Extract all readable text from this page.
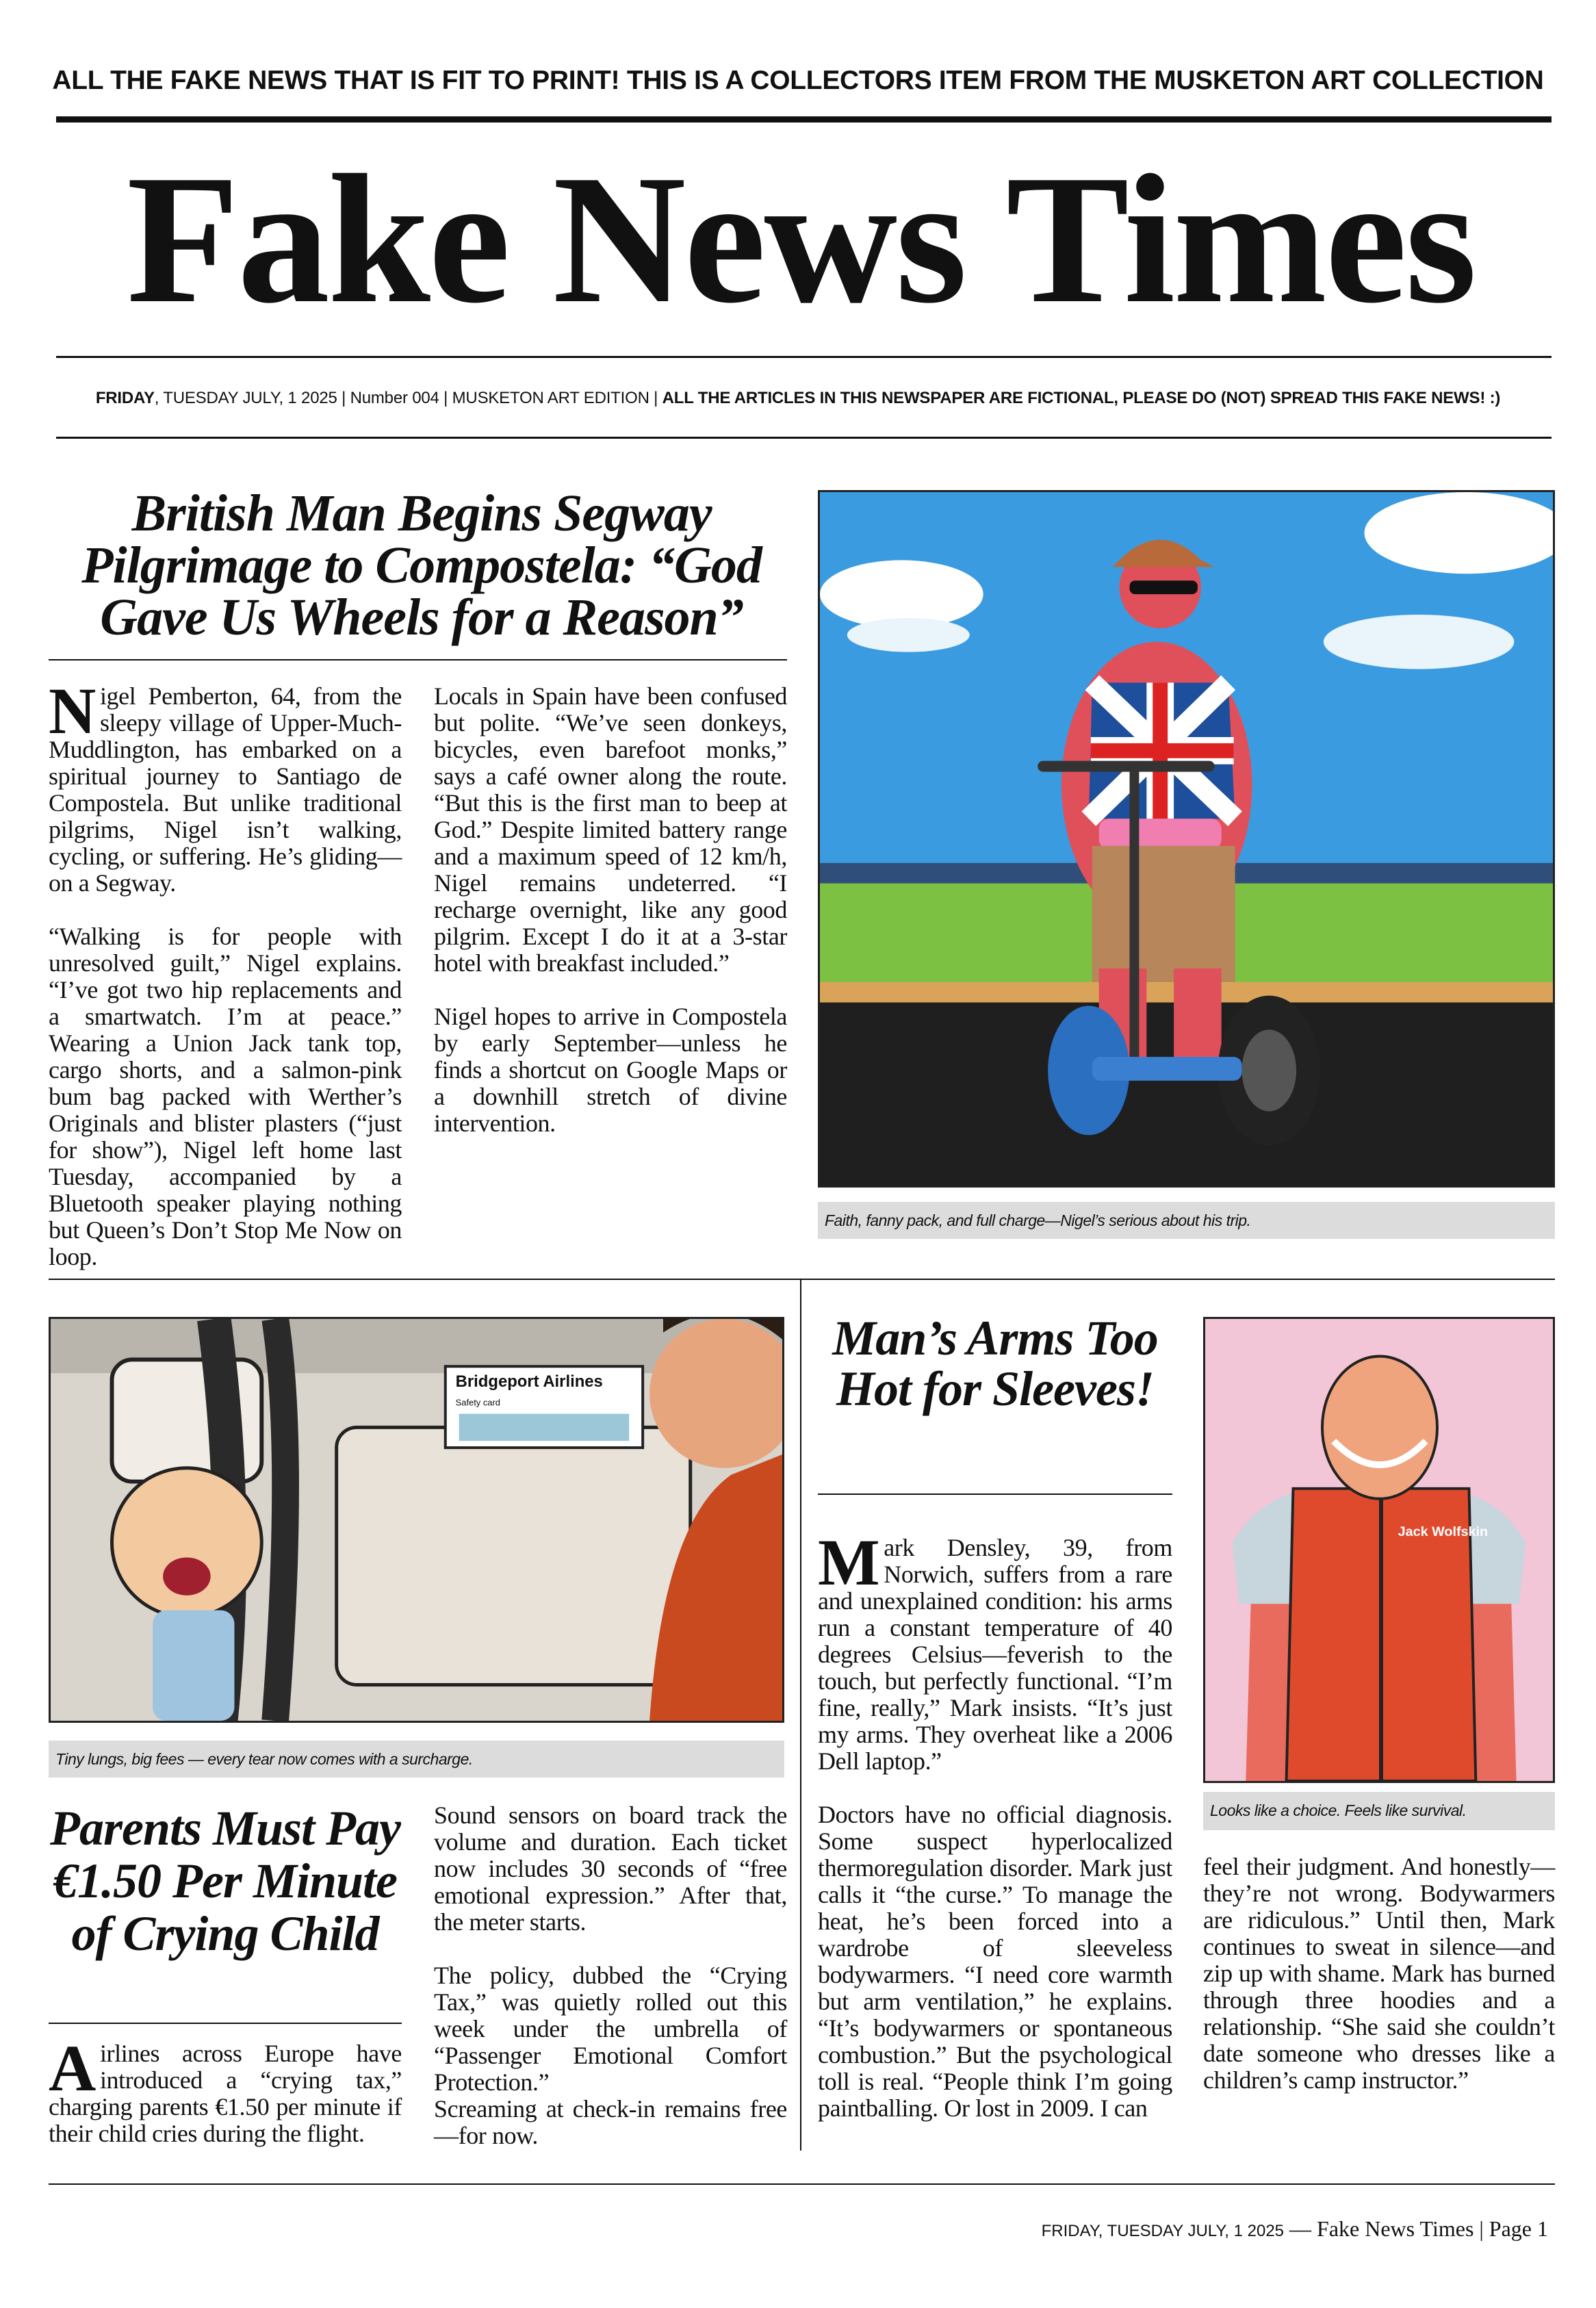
ALL THE FAKE NEWS THAT IS FIT TO PRINT! THIS IS A COLLECTORS ITEM FROM THE MUSKETON ART COLLECTION
Fake News Times
FRIDAY, TUESDAY JULY, 1 2025 | Number 004 | MUSKETON ART EDITION | ALL THE ARTICLES IN THIS NEWSPAPER ARE FICTIONAL, PLEASE DO (NOT) SPREAD THIS FAKE NEWS! :)
British Man Begins Segway Pilgrimage to Compostela: “God Gave Us Wheels for a Reason”

Nigel Pemberton, 64, from the sleepy village of Upper-Much-Muddlington, has embarked on a spiritual journey to Santiago de Compostela. But unlike traditional pilgrims, Nigel isn’t walking, cycling, or suffering. He’s gliding—on a Segway.

“Walking is for people with unresolved guilt,” Nigel explains. “I’ve got two hip replacements and a smartwatch. I’m at peace.” Wearing a Union Jack tank top, cargo shorts, and a salmon-pink bum bag packed with Werther’s Originals and blister plasters (“just for show”), Nigel left home last Tuesday, accompanied by a Bluetooth speaker playing nothing but Queen’s Don’t Stop Me Now on loop.

Locals in Spain have been confused but polite. “We’ve seen donkeys, bicycles, even barefoot monks,” says a café owner along the route. “But this is the first man to beep at God.” Despite limited battery range and a maximum speed of 12 km/h, Nigel remains undeterred. “I recharge overnight, like any good pilgrim. Except I do it at a 3-star hotel with breakfast included.”

Nigel hopes to arrive in Compostela by early September—unless he finds a shortcut on Google Maps or a downhill stretch of divine intervention.

Faith, fanny pack, and full charge—Nigel’s serious about his trip.
Bridgeport Airlines
Safety card
Tiny lungs, big fees — every tear now comes with a surcharge.
Parents Must Pay €1.50 Per Minute of Crying Child

Airlines across Europe have introduced a “crying tax,” charging parents €1.50 per minute if their child cries during the flight.

Sound sensors on board track the volume and duration. Each ticket now includes 30 seconds of “free emotional expression.” After that, the meter starts.

The policy, dubbed the “Crying Tax,” was quietly rolled out this week under the umbrella of “Passenger Emotional Comfort Protection.”

Screaming at check-in remains free—for now.

Man’s Arms Too Hot for Sleeves!

Mark Densley, 39, from Norwich, suffers from a rare and unexplained condition: his arms run a constant temperature of 40 degrees Celsius—feverish to the touch, but perfectly functional. “I’m fine, really,” Mark insists. “It’s just my arms. They overheat like a 2006 Dell laptop.”

Doctors have no official diagnosis. Some suspect hyperlocalized thermoregulation disorder. Mark just calls it “the curse.” To manage the heat, he’s been forced into a wardrobe of sleeveless bodywarmers. “I need core warmth but arm ventilation,” he explains. “It’s bodywarmers or spontaneous combustion.” But the psychological toll is real. “People think I’m going paintballing. Or lost in 2009. I can
feel their judgment. And honestly—they’re not wrong. Bodywarmers are ridiculous.” Until then, Mark continues to sweat in silence—and zip up with shame. Mark has burned through three hoodies and a relationship. “She said she couldn’t date someone who dresses like a children’s camp instructor.”
Jack Wolfskin
Looks like a choice. Feels like survival.
FRIDAY, TUESDAY JULY, 1 2025 — Fake News Times | Page 1
